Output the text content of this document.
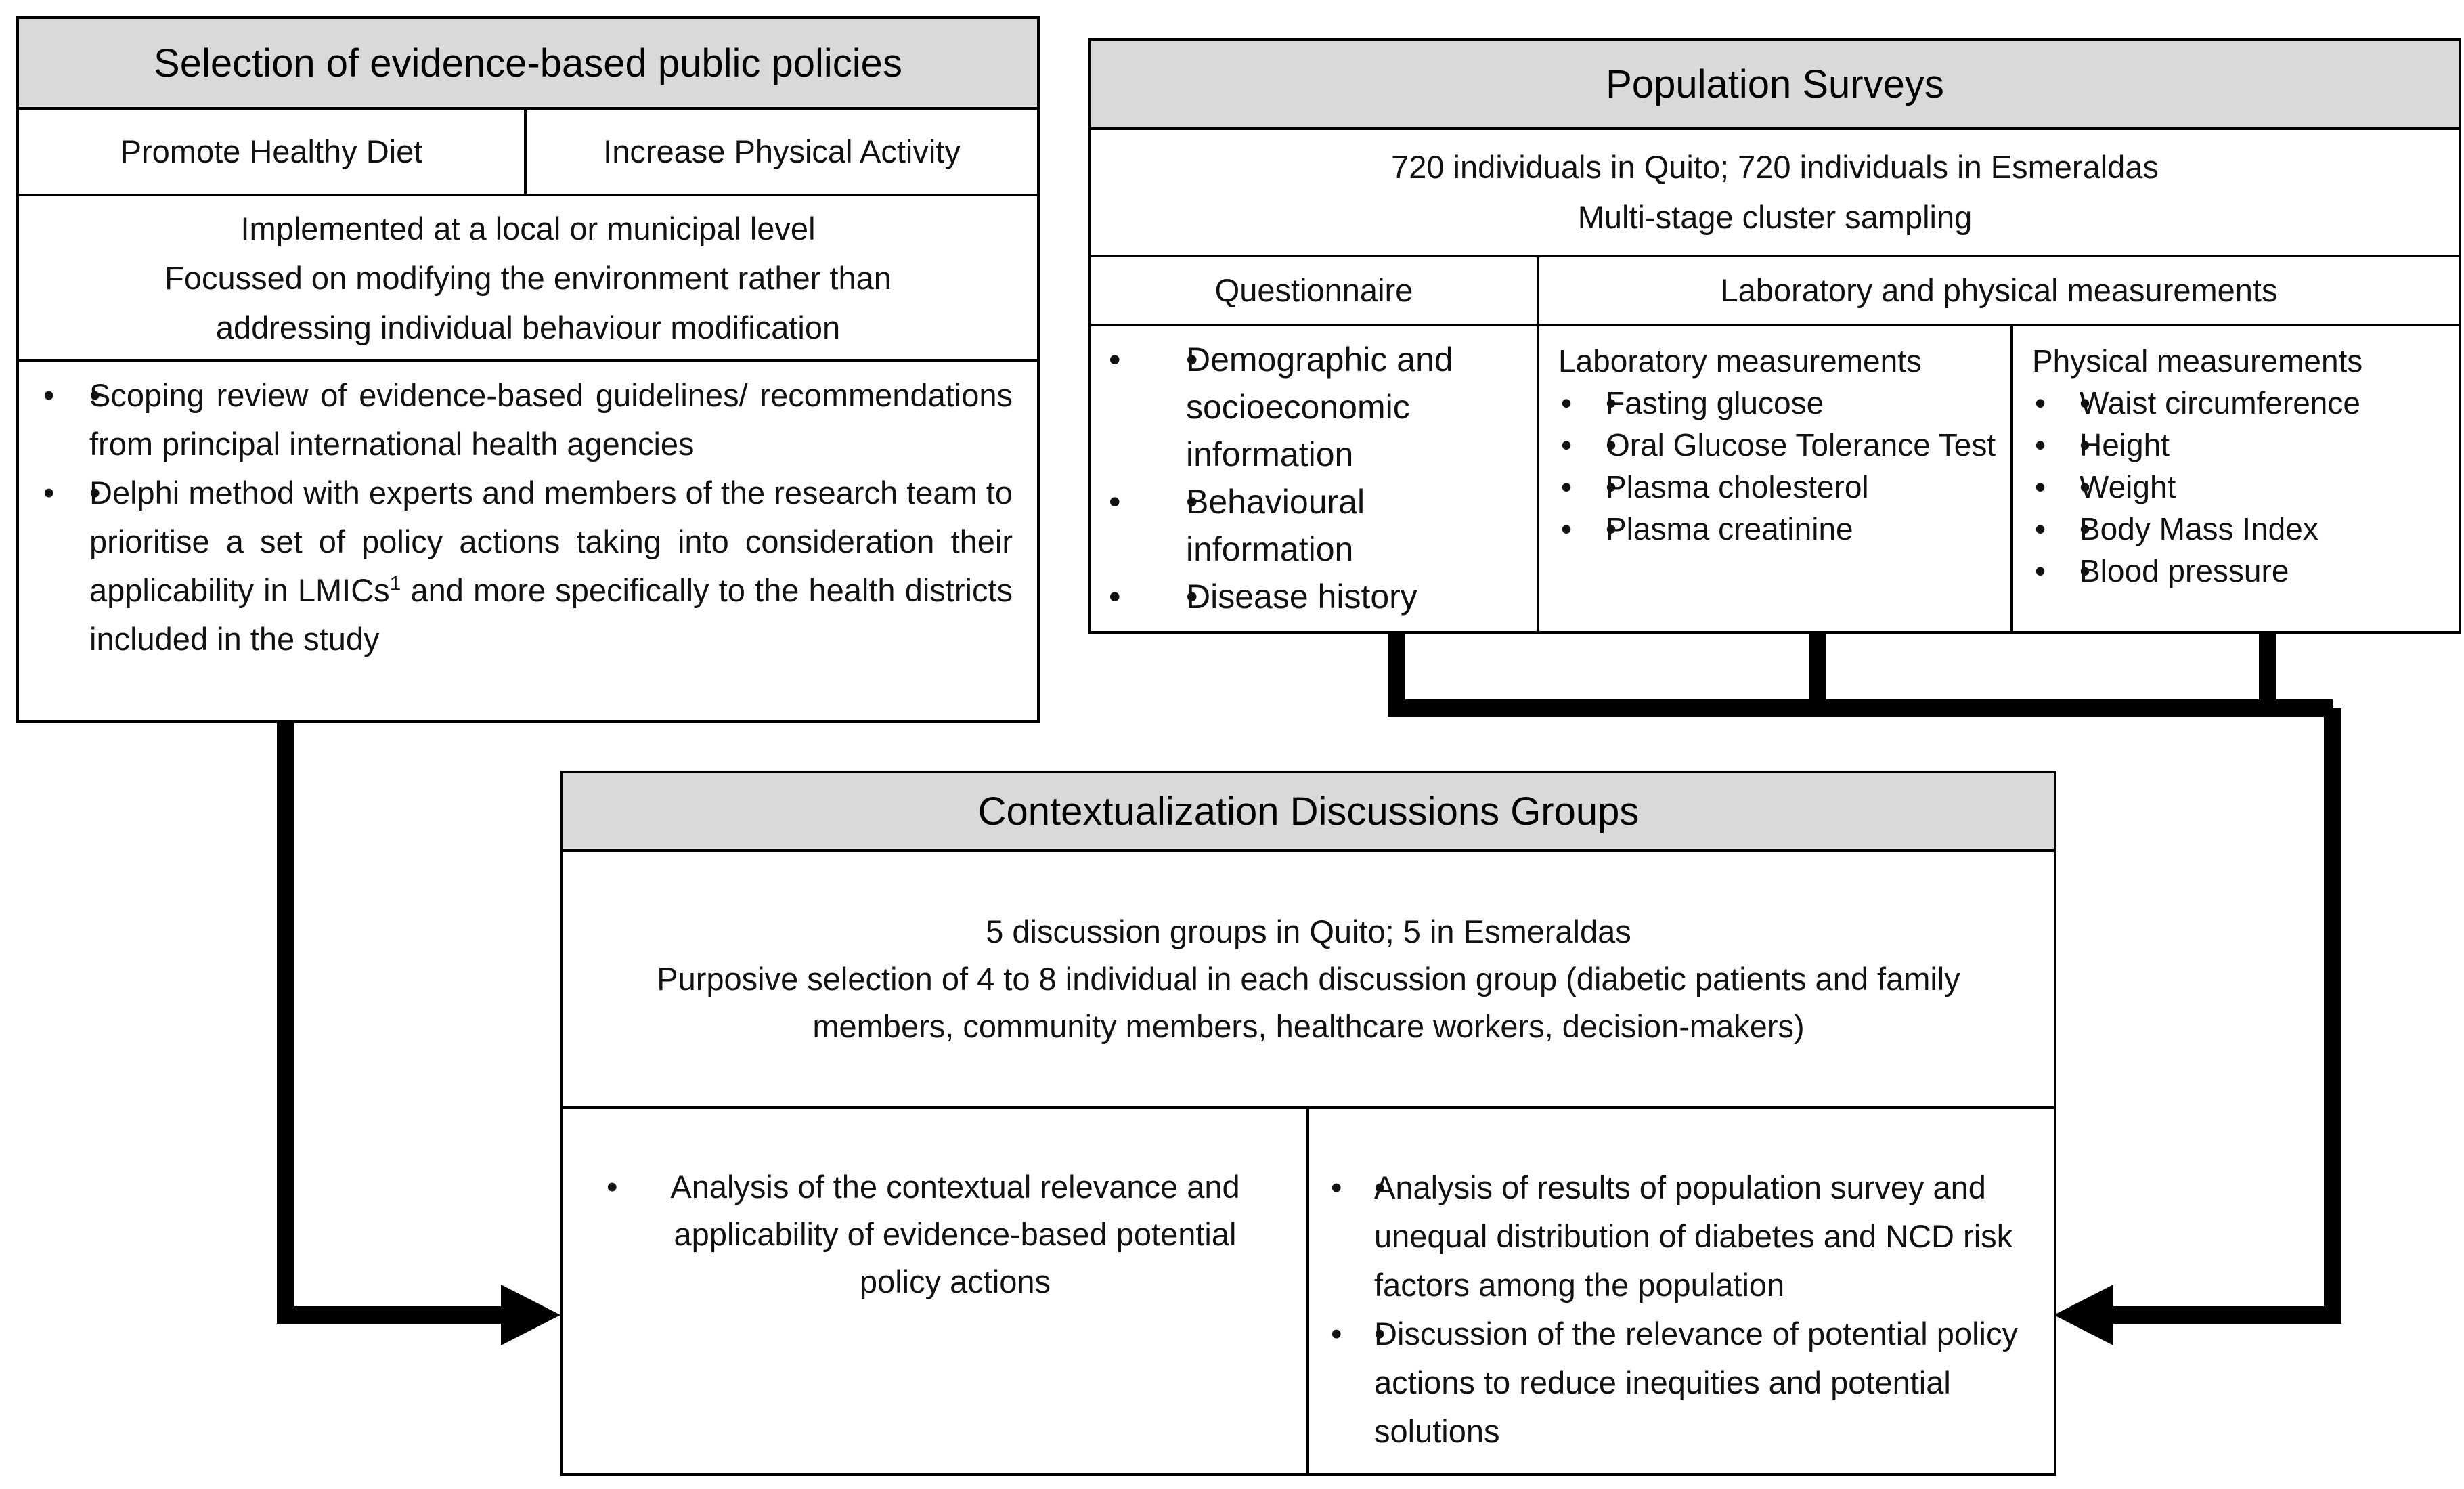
Selection of evidence-based public policies
Promote Healthy Diet	Increase Physical Activity
Implemented at a local or municipal level
Focussed on modifying the environment rather than
addressing individual behaviour modification
• • Scoping review of evidence-based guidelines/ recommendations from principal international health agencies
• • Delphi method with experts and members of the research team to prioritise a set of policy actions taking into consideration their applicability in LMICs$^1$ and more specifically to the health districts included in the study
Population Surveys
720 individuals in Quito; 720 individuals in Esmeraldas
Multi-stage cluster sampling
Questionnaire	Laboratory and physical measurements
• • Demographic and socioeconomic information
• • Behavioural information
• • Disease history
Laboratory measurements
• • Fasting glucose
• • Oral Glucose Tolerance Test
• • Plasma cholesterol
• • Plasma creatinine
Physical measurements
• • Waist circumference
• • Height
• • Weight
• • Body Mass Index
• • Blood pressure
Contextualization Discussions Groups
5 discussion groups in Quito; 5 in Esmeraldas
Purposive selection of 4 to 8 individual in each discussion group (diabetic patients and family members, community members, healthcare workers, decision-makers)
• Analysis of the contextual relevance and applicability of evidence-based potential policy actions
• • Analysis of results of population survey and unequal distribution of diabetes and NCD risk factors among the population
• • Discussion of the relevance of potential policy actions to reduce inequities and potential solutions
